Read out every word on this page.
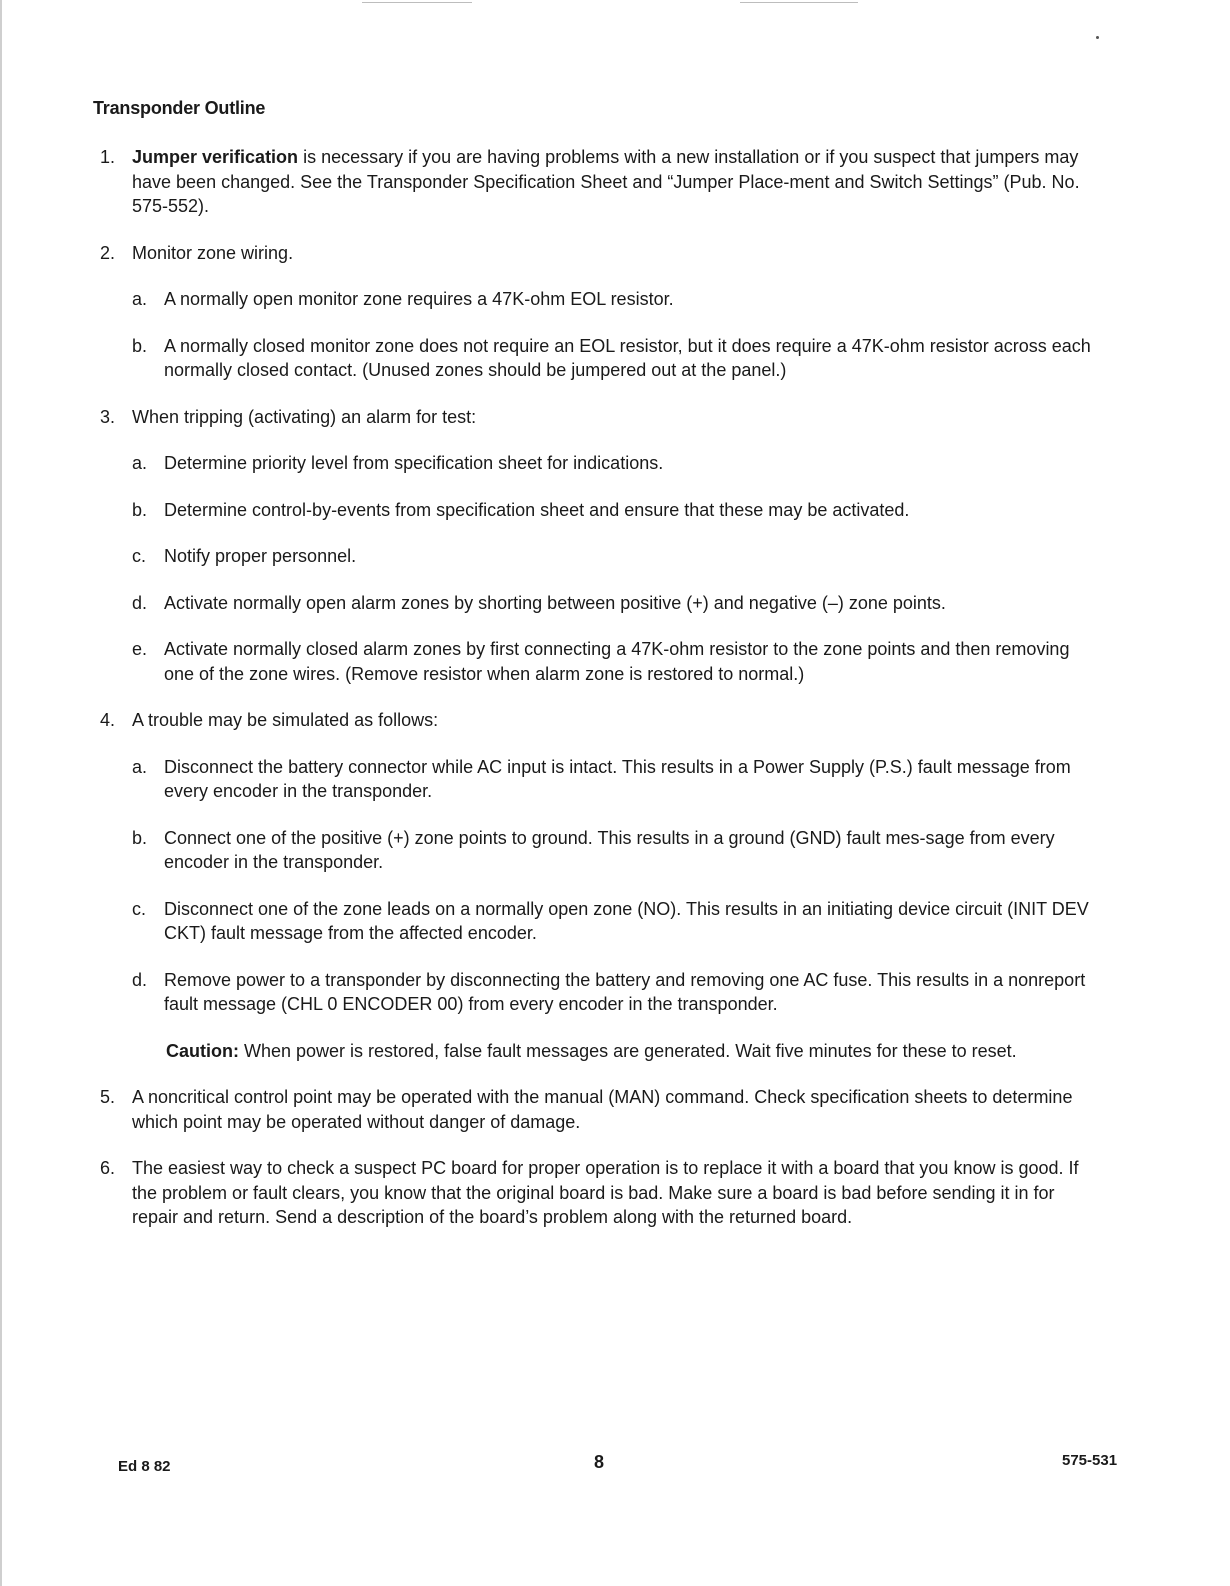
Transponder Outline
1. Jumper verification is necessary if you are having problems with a new installation or if you suspect that jumpers may have been changed. See the Transponder Specification Sheet and “Jumper Place-ment and Switch Settings” (Pub. No. 575-552).
2. Monitor zone wiring.
a. A normally open monitor zone requires a 47K-ohm EOL resistor.
b. A normally closed monitor zone does not require an EOL resistor, but it does require a 47K-ohm resistor across each normally closed contact. (Unused zones should be jumpered out at the panel.)
3. When tripping (activating) an alarm for test:
a. Determine priority level from specification sheet for indications.
b. Determine control-by-events from specification sheet and ensure that these may be activated.
c. Notify proper personnel.
d. Activate normally open alarm zones by shorting between positive (+) and negative (–) zone points.
e. Activate normally closed alarm zones by first connecting a 47K-ohm resistor to the zone points and then removing one of the zone wires. (Remove resistor when alarm zone is restored to normal.)
4. A trouble may be simulated as follows:
a. Disconnect the battery connector while AC input is intact. This results in a Power Supply (P.S.) fault message from every encoder in the transponder.
b. Connect one of the positive (+) zone points to ground. This results in a ground (GND) fault mes-sage from every encoder in the transponder.
c. Disconnect one of the zone leads on a normally open zone (NO). This results in an initiating device circuit (INIT DEV CKT) fault message from the affected encoder.
d. Remove power to a transponder by disconnecting the battery and removing one AC fuse. This results in a nonreport fault message (CHL 0 ENCODER 00) from every encoder in the transponder.
Caution: When power is restored, false fault messages are generated. Wait five minutes for these to reset.
5. A noncritical control point may be operated with the manual (MAN) command. Check specification sheets to determine which point may be operated without danger of damage.
6. The easiest way to check a suspect PC board for proper operation is to replace it with a board that you know is good. If the problem or fault clears, you know that the original board is bad. Make sure a board is bad before sending it in for repair and return. Send a description of the board’s problem along with the returned board.
Ed 8 82	8	575-531
